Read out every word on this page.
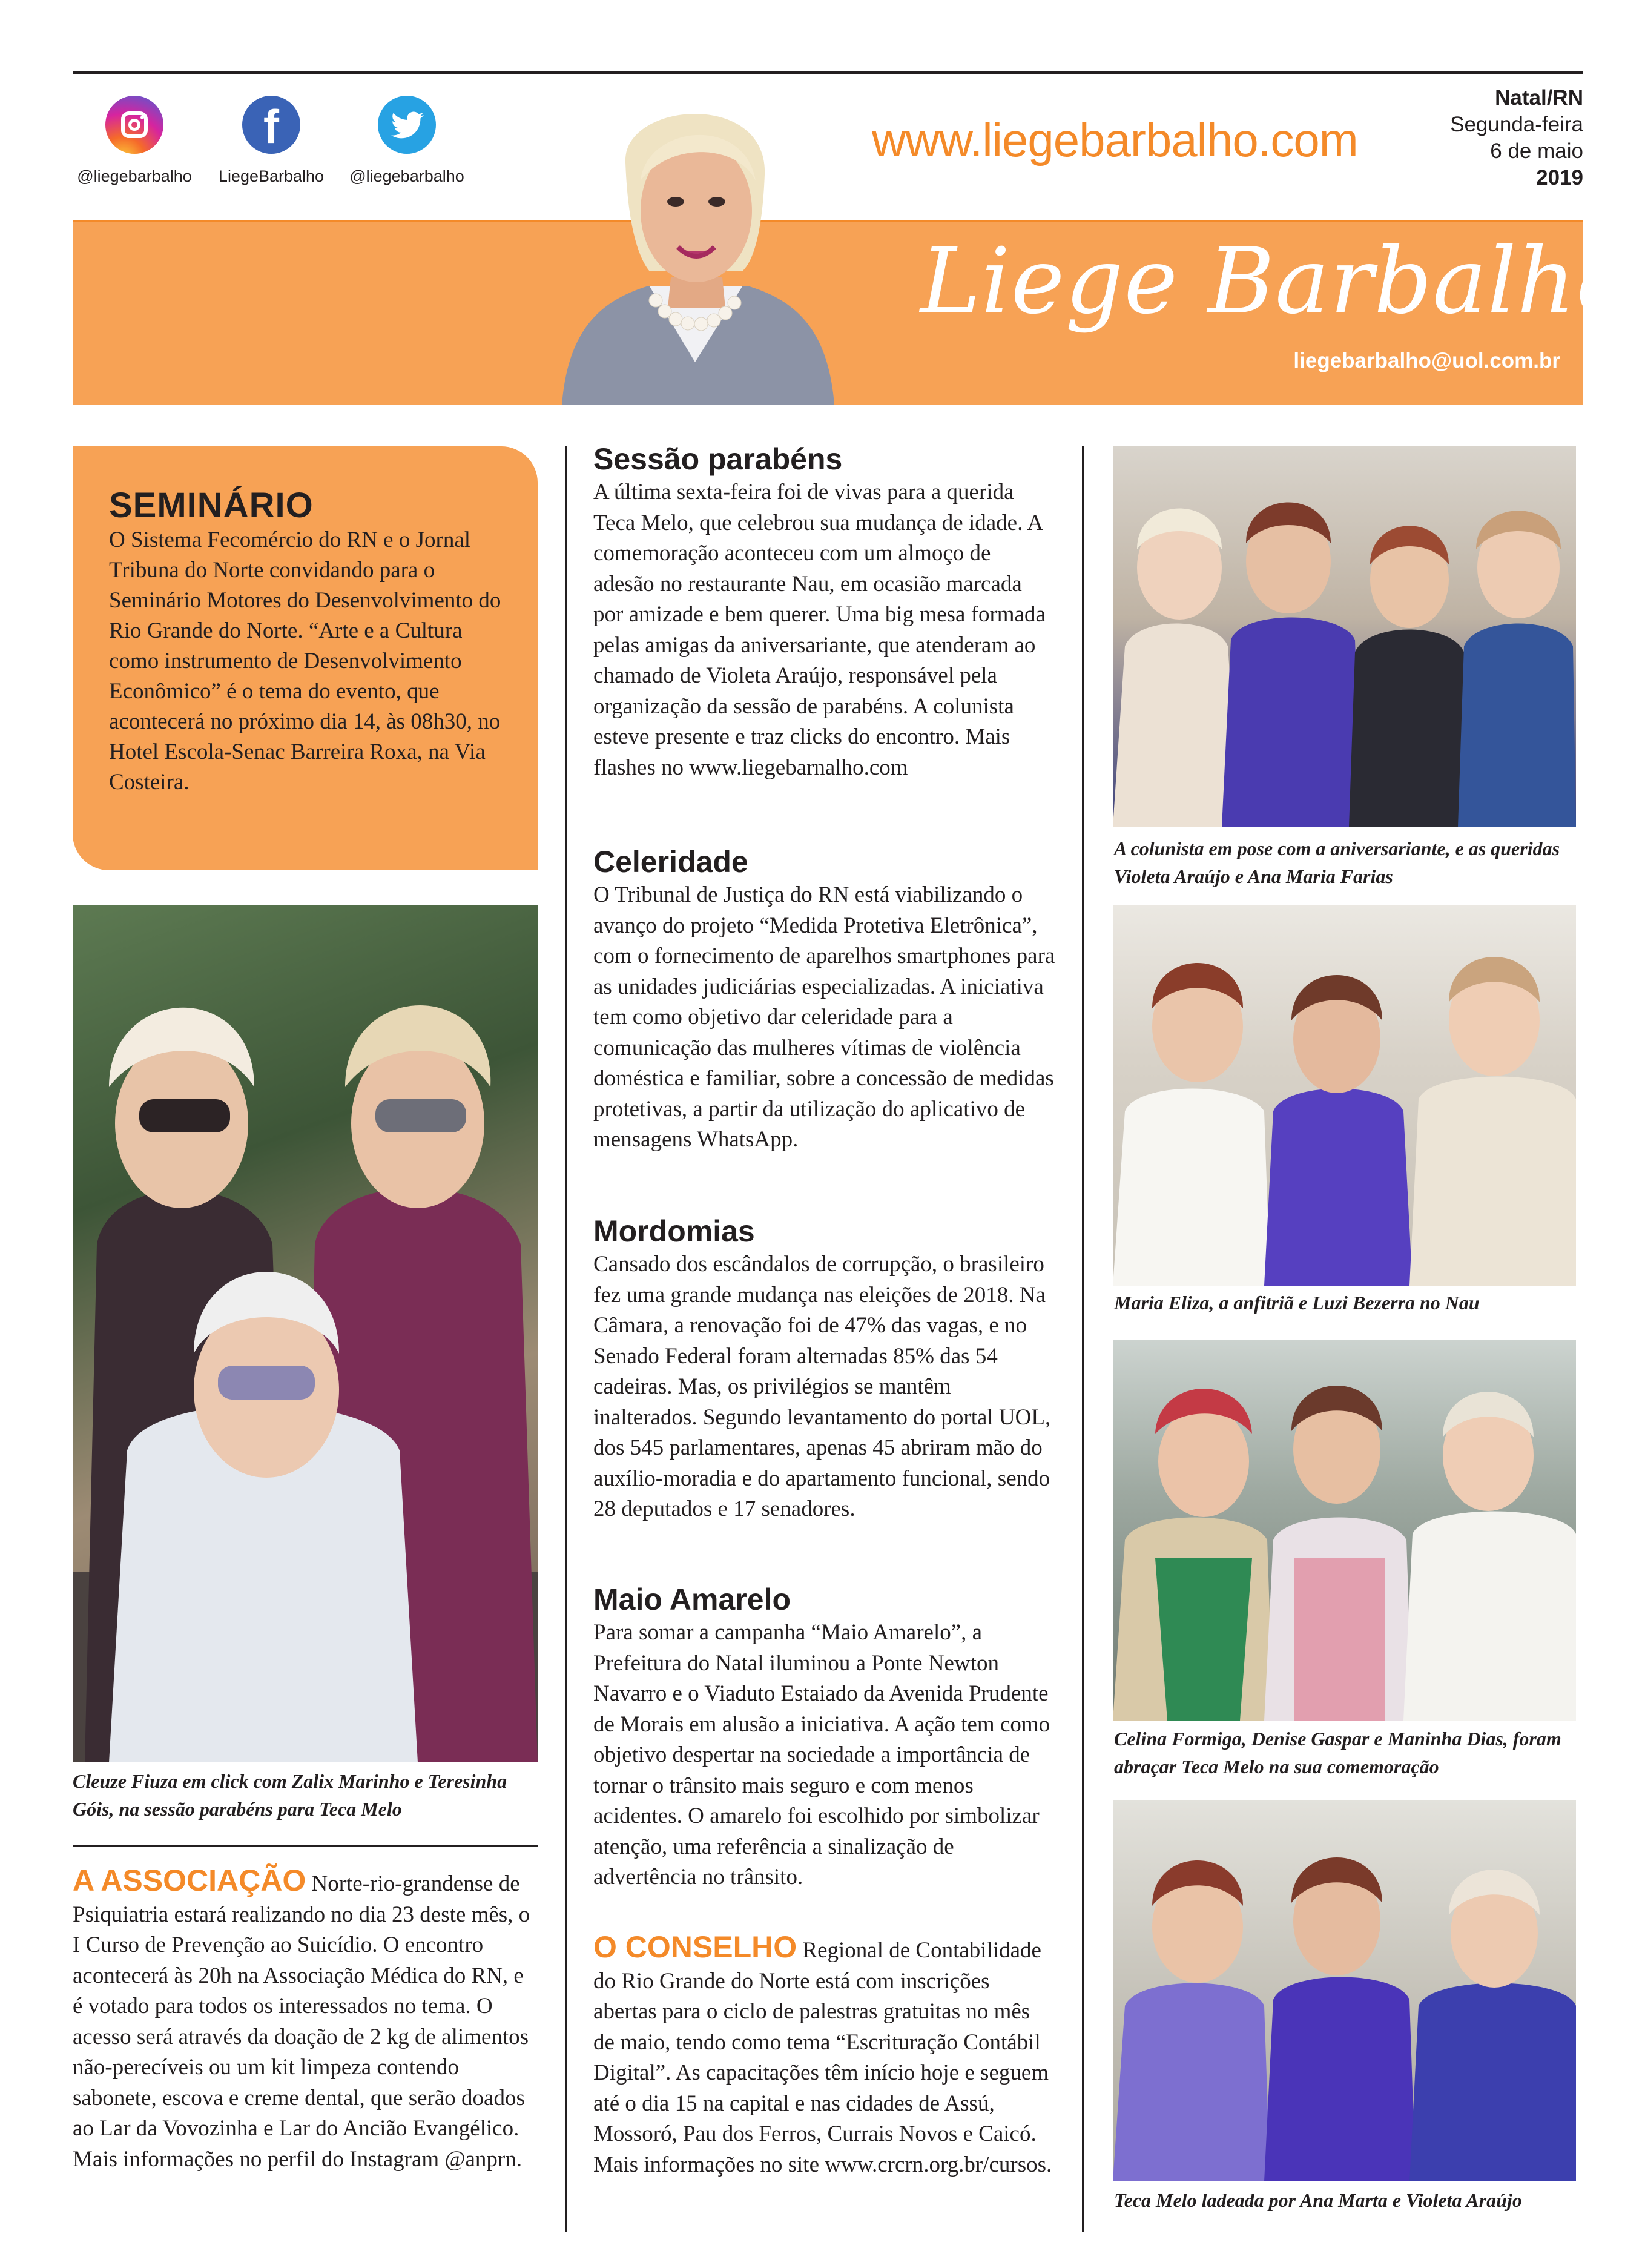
@liegebarbalho
f
LiegeBarbalho	@liegebarbalho
www.liegebarbalho.com
Natal/RN
Segunda-feira
6 de maio
2019
Liege Barbalho
liegebarbalho@uol.com.br
SEMINÁRIO

O Sistema Fecomércio do RN e o Jornal Tribuna do Norte convidando para o Seminário Motores do Desenvolvimento do Rio Grande do Norte. “Arte e a Cultura como instrumento de Desenvolvimento Econômico” é o tema do evento, que acontecerá no próximo dia 14, às 08h30, no Hotel Escola-Senac Barreira Roxa, na Via Costeira.

Cleuze Fiuza em click com Zalix Marinho e Teresinha Góis, na sessão parabéns para Teca Melo
A ASSOCIAÇÃO Norte-rio-grandense de Psiquiatria estará realizando no dia 23 deste mês, o I Curso de Prevenção ao Suicídio. O encontro acontecerá às 20h na Associação Médica do RN, e é votado para todos os interessados no tema. O acesso será através da doação de 2 kg de alimentos não-perecíveis ou um kit limpeza contendo sabonete, escova e creme dental, que serão doados ao Lar da Vovozinha e Lar do Ancião Evangélico. Mais informações no perfil do Instagram @anprn.
Sessão parabéns

A última sexta-feira foi de vivas para a querida Teca Melo, que celebrou sua mudança de idade. A comemoração aconteceu com um almoço de adesão no restaurante Nau, em ocasião marcada por amizade e bem querer. Uma big mesa formada pelas amigas da aniversariante, que atenderam ao chamado de Violeta Araújo, responsável pela organização da sessão de parabéns. A colunista esteve presente e traz clicks do encontro. Mais flashes no www.liegebarnalho.com

Celeridade

O Tribunal de Justiça do RN está viabilizando o avanço do projeto “Medida Protetiva Eletrônica”, com o fornecimento de aparelhos smartphones para as unidades judiciárias especializadas. A iniciativa tem como objetivo dar celeridade para a comunicação das mulheres vítimas de violência doméstica e familiar, sobre a concessão de medidas protetivas, a partir da utilização do aplicativo de mensagens WhatsApp.

Mordomias

Cansado dos escândalos de corrupção, o brasileiro fez uma grande mudança nas eleições de 2018. Na Câmara, a renovação foi de 47% das vagas, e no Senado Federal foram alternadas 85% das 54 cadeiras. Mas, os privilégios se mantêm inalterados. Segundo levantamento do portal UOL, dos 545 parlamentares, apenas 45 abriram mão do auxílio-moradia e do apartamento funcional, sendo 28 deputados e 17 senadores.

Maio Amarelo

Para somar a campanha “Maio Amarelo”, a Prefeitura do Natal iluminou a Ponte Newton Navarro e o Viaduto Estaiado da Avenida Prudente de Morais em alusão a iniciativa. A ação tem como objetivo despertar na sociedade a importância de tornar o trânsito mais seguro e com menos acidentes. O amarelo foi escolhido por simbolizar atenção, uma referência a sinalização de advertência no trânsito.

O CONSELHO Regional de Contabilidade do Rio Grande do Norte está com inscrições abertas para o ciclo de palestras gratuitas no mês de maio, tendo como tema “Escrituração Contábil Digital”. As capacitações têm início hoje e seguem até o dia 15 na capital e nas cidades de Assú, Mossoró, Pau dos Ferros, Currais Novos e Caicó. Mais informações no site www.crcrn.org.br/cursos.
A colunista em pose com a aniversariante, e as queridas Violeta Araújo e Ana Maria Farias
Maria Eliza, a anfitriã e Luzi Bezerra no Nau
Celina Formiga, Denise Gaspar e Maninha Dias, foram abraçar Teca Melo na sua comemoração
Teca Melo ladeada por Ana Marta e Violeta Araújo
